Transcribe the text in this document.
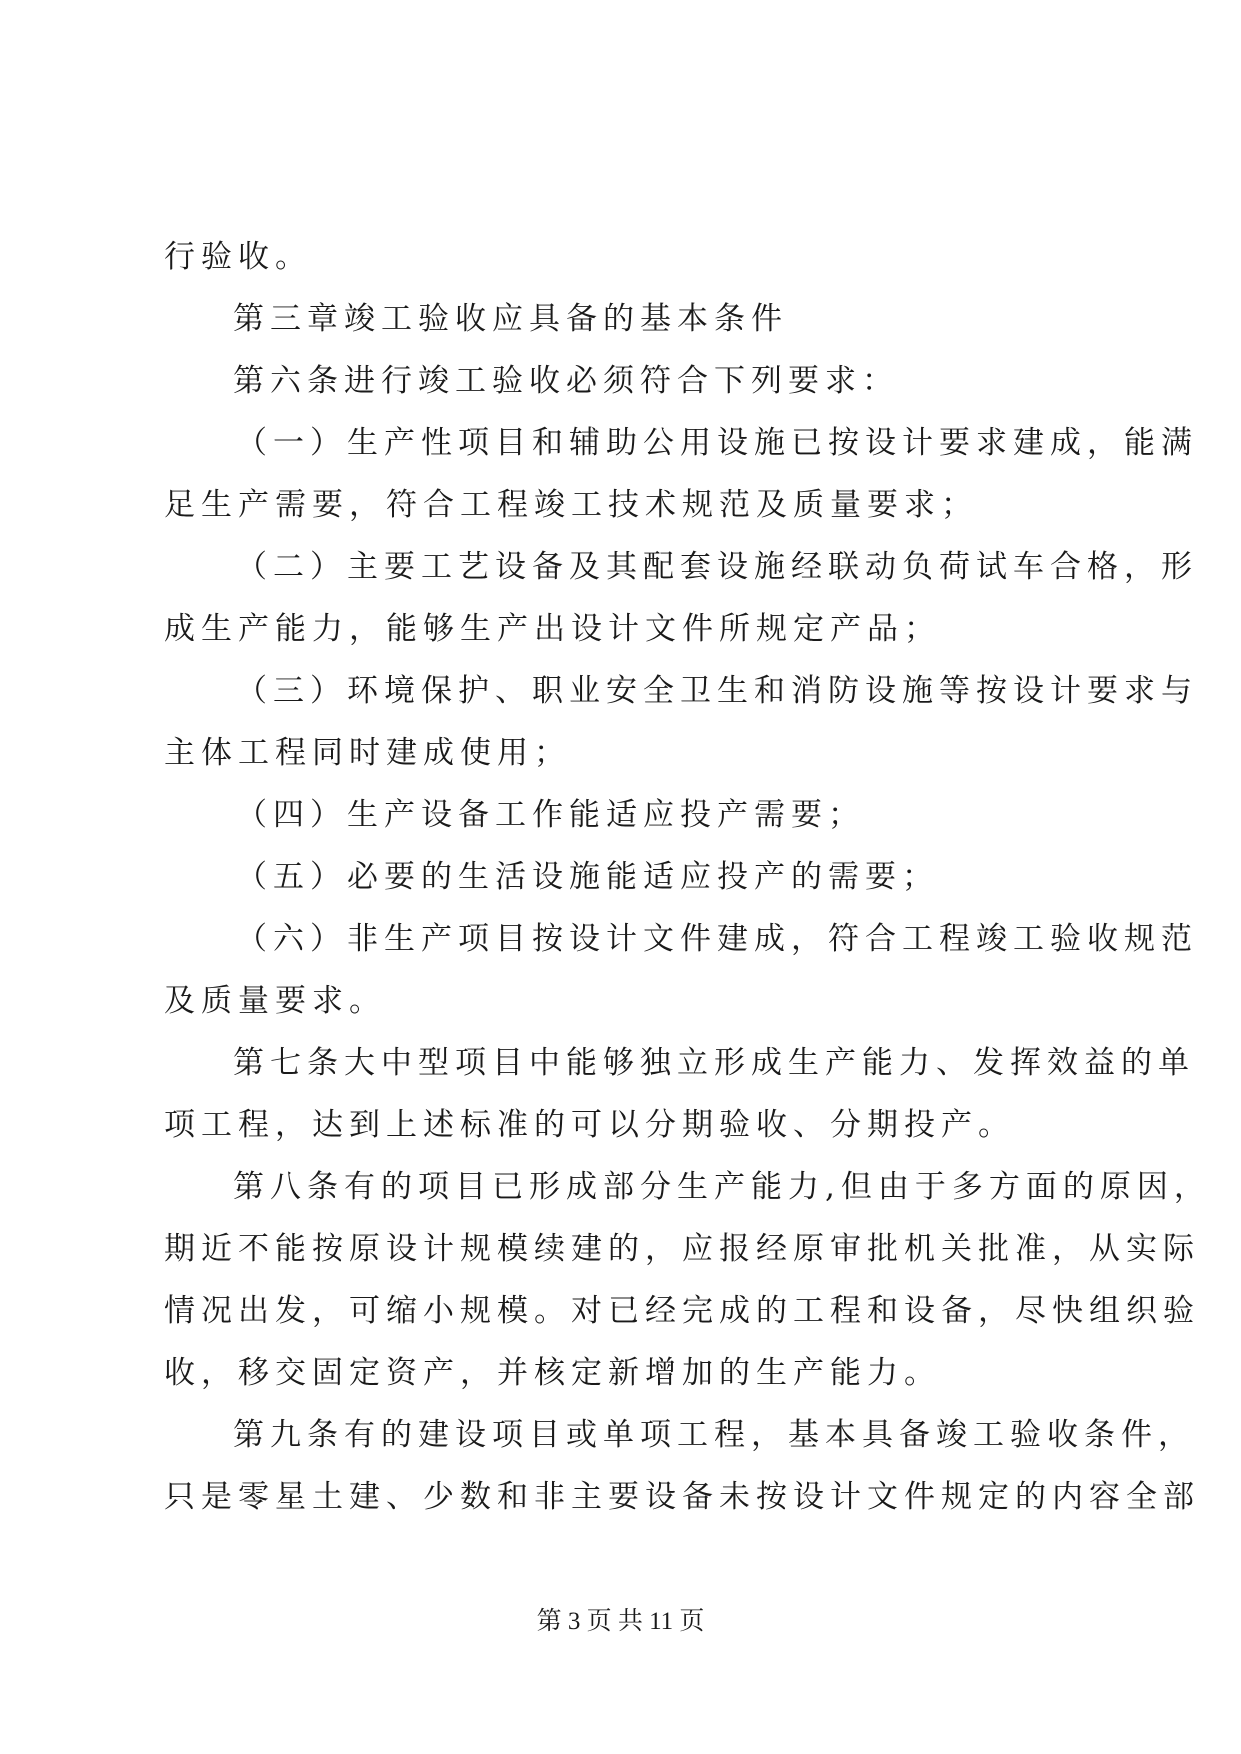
行验收。
第三章竣工验收应具备的基本条件
第六条进行竣工验收必须符合下列要求：
（一）生产性项目和辅助公用设施已按设计要求建成，能满
足生产需要，符合工程竣工技术规范及质量要求；
（二）主要工艺设备及其配套设施经联动负荷试车合格，形
成生产能力，能够生产出设计文件所规定产品；
（三）环境保护、职业安全卫生和消防设施等按设计要求与
主体工程同时建成使用；
（四）生产设备工作能适应投产需要；
（五）必要的生活设施能适应投产的需要；
（六）非生产项目按设计文件建成，符合工程竣工验收规范
及质量要求。
第七条大中型项目中能够独立形成生产能力、发挥效益的单
项工程，达到上述标准的可以分期验收、分期投产。
第八条有的项目已形成部分生产能力,但由于多方面的原因，
期近不能按原设计规模续建的，应报经原审批机关批准，从实际
情况出发，可缩小规模。对已经完成的工程和设备，尽快组织验
收，移交固定资产，并核定新增加的生产能力。
第九条有的建设项目或单项工程，基本具备竣工验收条件，
只是零星土建、少数和非主要设备未按设计文件规定的内容全部
第 3 页 共 11 页
